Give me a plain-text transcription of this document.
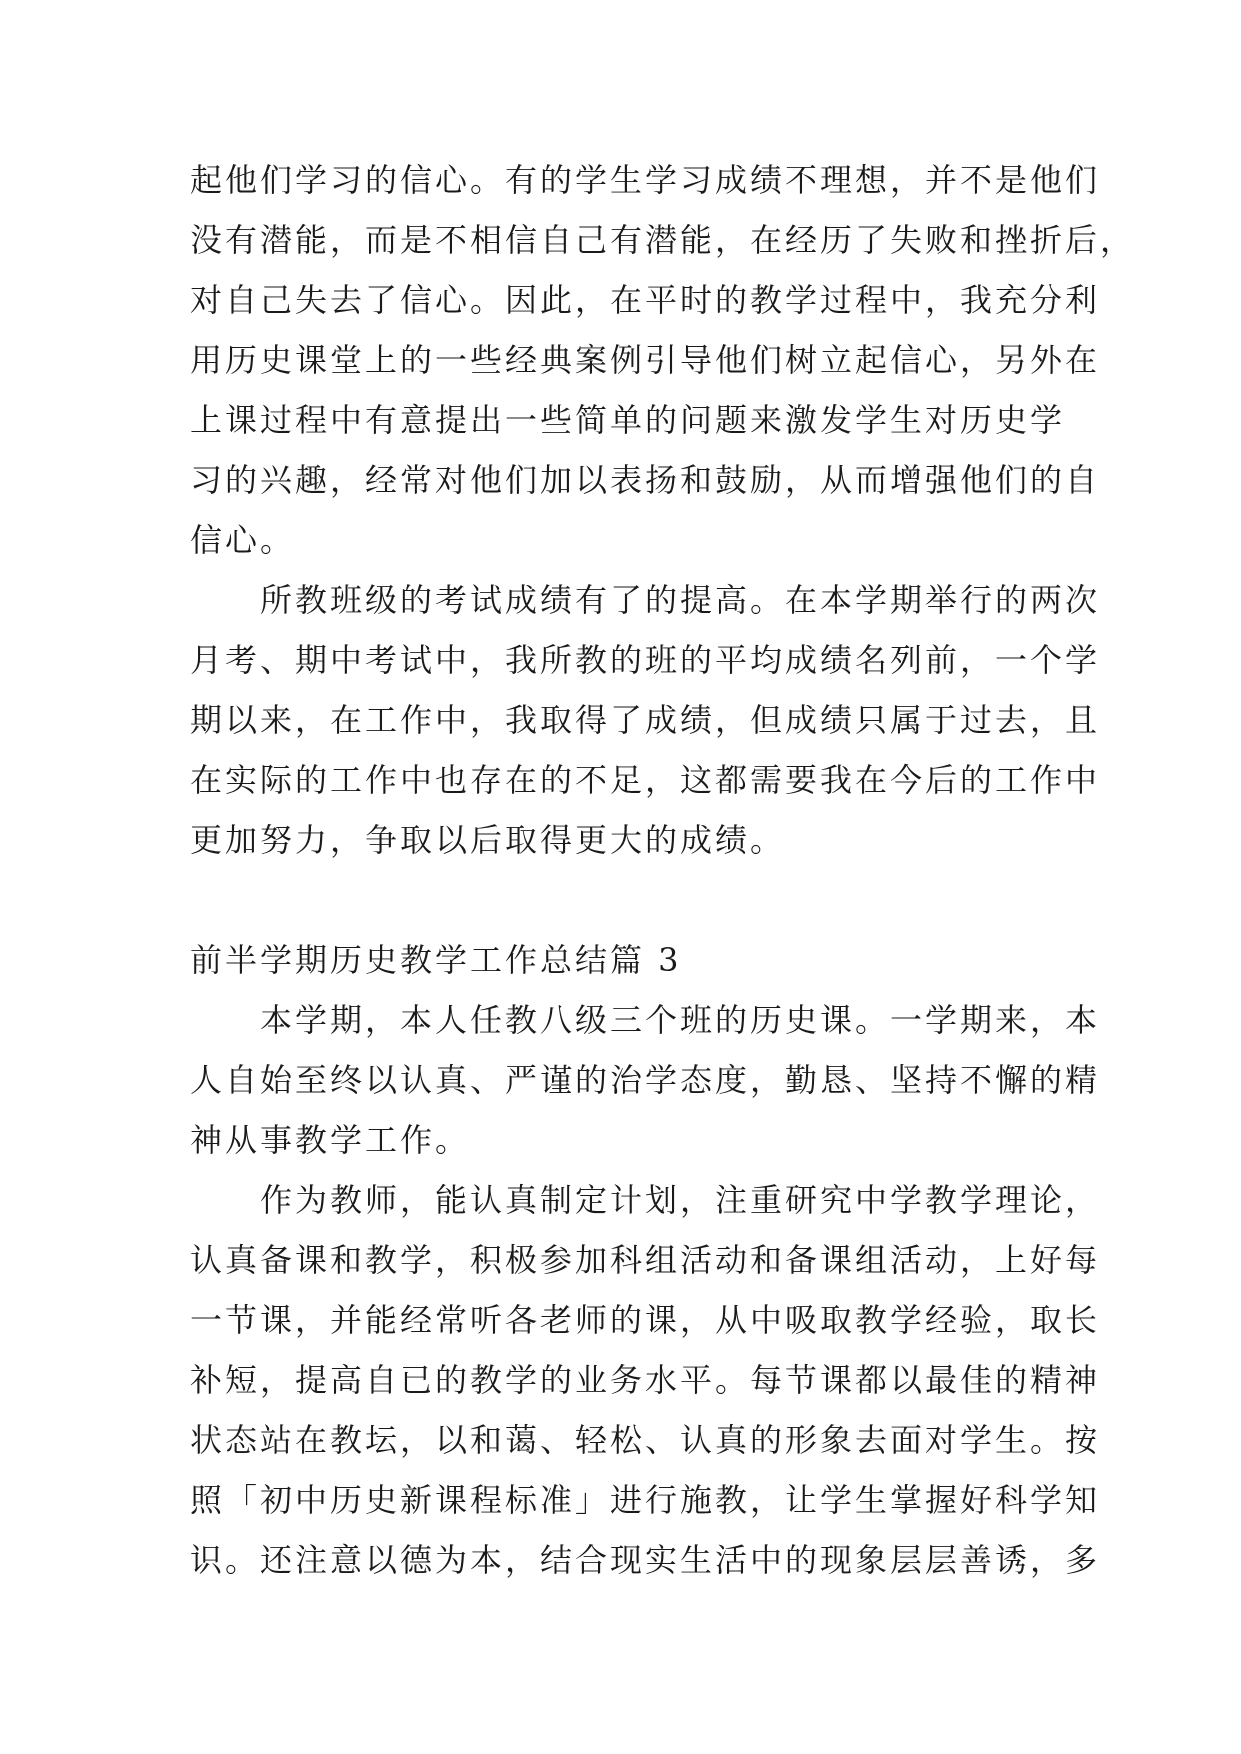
起他们学习的信心。有的学生学习成绩不理想，并不是他们
没有潜能，而是不相信自己有潜能，在经历了失败和挫折后，
对自己失去了信心。因此，在平时的教学过程中，我充分利
用历史课堂上的一些经典案例引导他们树立起信心，另外在
上课过程中有意提出一些简单的问题来激发学生对历史学
习的兴趣，经常对他们加以表扬和鼓励，从而增强他们的自
信心。
　　所教班级的考试成绩有了的提高。在本学期举行的两次
月考、期中考试中，我所教的班的平均成绩名列前，一个学
期以来，在工作中，我取得了成绩，但成绩只属于过去，且
在实际的工作中也存在的不足，这都需要我在今后的工作中
更加努力，争取以后取得更大的成绩。
前半学期历史教学工作总结篇 3
　　本学期，本人任教八级三个班的历史课。一学期来，本
人自始至终以认真、严谨的治学态度，勤恳、坚持不懈的精
神从事教学工作。
　　作为教师，能认真制定计划，注重研究中学教学理论，
认真备课和教学，积极参加科组活动和备课组活动，上好每
一节课，并能经常听各老师的课，从中吸取教学经验，取长
补短，提高自已的教学的业务水平。每节课都以最佳的精神
状态站在教坛，以和蔼、轻松、认真的形象去面对学生。按
照「初中历史新课程标准」进行施教，让学生掌握好科学知
识。还注意以德为本，结合现实生活中的现象层层善诱，多
